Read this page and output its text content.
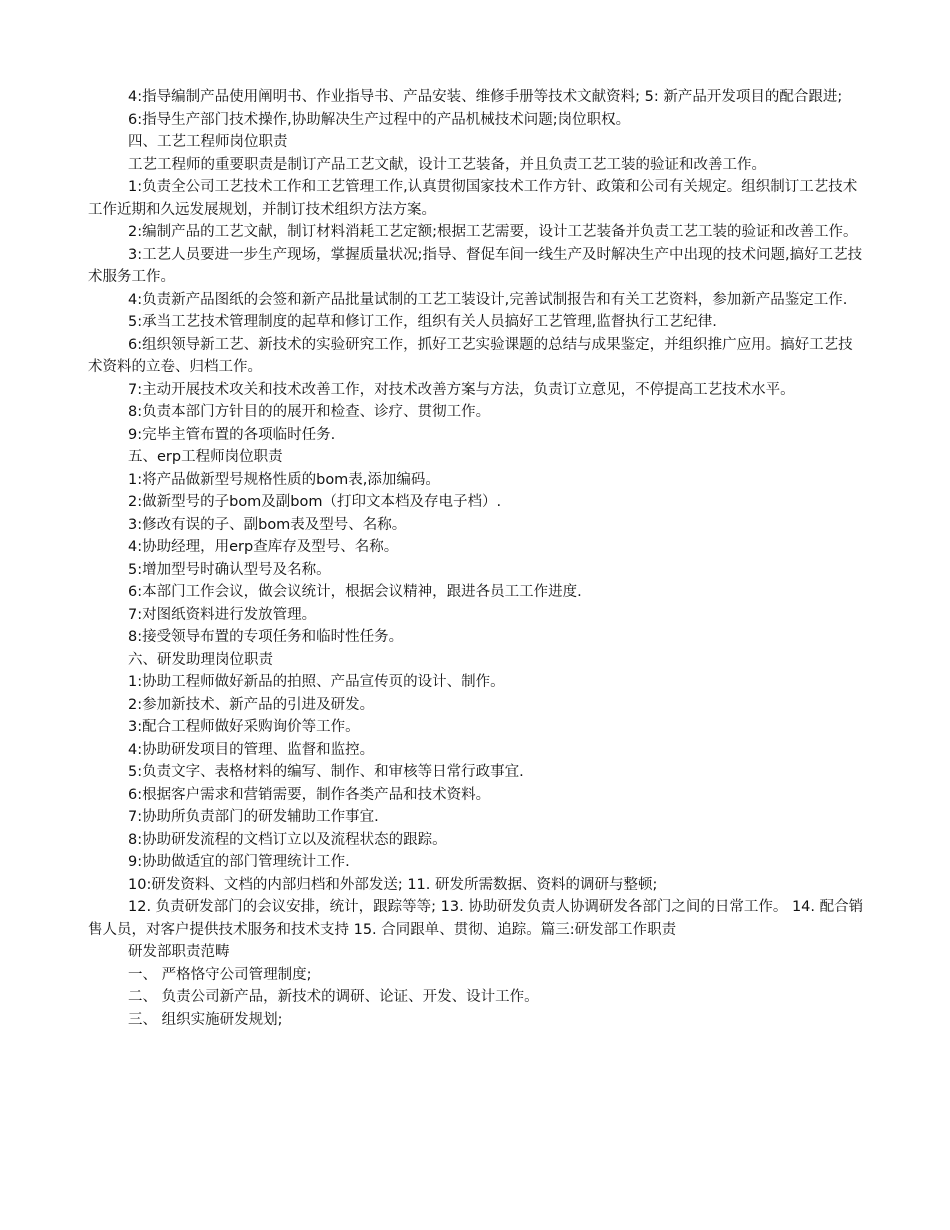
4:指导编制产品使用阐明书、作业指导书、产品安装、维修手册等技术文献资料; 5: 新产品开发项目的配合跟进;

6:指导生产部门技术操作,协助解决生产过程中的产品机械技术问题;岗位职权。

四、工艺工程师岗位职责

工艺工程师的重要职责是制订产品工艺文献，设计工艺装备，并且负责工艺工装的验证和改善工作。

1:负责全公司工艺技术工作和工艺管理工作,认真贯彻国家技术工作方针、政策和公司有关规定。组织制订工艺技术工作近期和久远发展规划，并制订技术组织方法方案。

2:编制产品的工艺文献，制订材料消耗工艺定额;根据工艺需要，设计工艺装备并负责工艺工装的验证和改善工作。

3:工艺人员要进一步生产现场，掌握质量状况;指导、督促车间一线生产及时解决生产中出现的技术问题,搞好工艺技术服务工作。

4:负责新产品图纸的会签和新产品批量试制的工艺工装设计,完善试制报告和有关工艺资料，参加新产品鉴定工作.

5:承当工艺技术管理制度的起草和修订工作，组织有关人员搞好工艺管理,监督执行工艺纪律.

6:组织领导新工艺、新技术的实验研究工作，抓好工艺实验课题的总结与成果鉴定，并组织推广应用。搞好工艺技术资料的立卷、归档工作。

7:主动开展技术攻关和技术改善工作，对技术改善方案与方法，负责订立意见，不停提高工艺技术水平。

8:负责本部门方针目的的展开和检查、诊疗、贯彻工作。

9:完毕主管布置的各项临时任务.

五、erp工程师岗位职责

1:将产品做新型号规格性质的bom表,添加编码。

2:做新型号的子bom及副bom（打印文本档及存电子档）.

3:修改有误的子、副bom表及型号、名称。

4:协助经理，用erp查库存及型号、名称。

5:增加型号时确认型号及名称。

6:本部门工作会议，做会议统计，根据会议精神，跟进各员工工作进度.

7:对图纸资料进行发放管理。

8:接受领导布置的专项任务和临时性任务。

六、研发助理岗位职责

1:协助工程师做好新品的拍照、产品宣传页的设计、制作。

2:参加新技术、新产品的引进及研发。

3:配合工程师做好采购询价等工作。

4:协助研发项目的管理、监督和监控。

5:负责文字、表格材料的编写、制作、和审核等日常行政事宜.

6:根据客户需求和营销需要，制作各类产品和技术资料。

7:协助所负责部门的研发辅助工作事宜.

8:协助研发流程的文档订立以及流程状态的跟踪。

9:协助做适宜的部门管理统计工作.

10:研发资料、文档的内部归档和外部发送; 11. 研发所需数据、资料的调研与整顿;

12. 负责研发部门的会议安排，统计，跟踪等等; 13. 协助研发负责人协调研发各部门之间的日常工作。 14. 配合销售人员，对客户提供技术服务和技术支持 15. 合同跟单、贯彻、追踪。篇三:研发部工作职责

研发部职责范畴

一、 严格恪守公司管理制度;

二、 负责公司新产品，新技术的调研、论证、开发、设计工作。

三、 组织实施研发规划;
